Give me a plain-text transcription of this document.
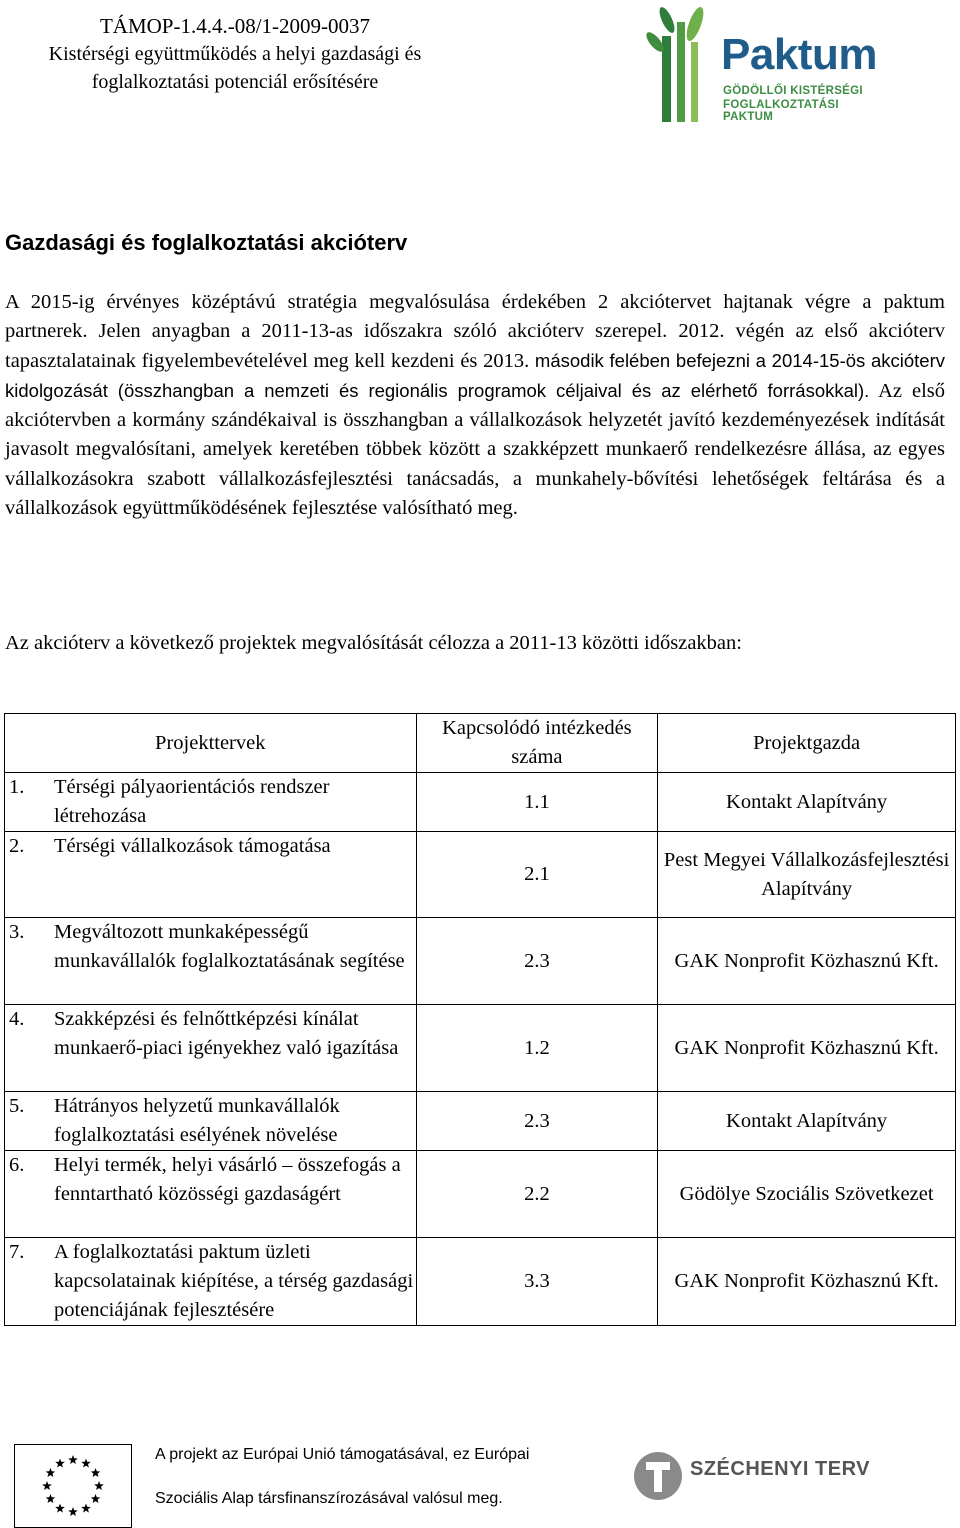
TÁMOP-1.4.4.-08/1-2009-0037
Kistérségi együttműködés a helyi gazdasági és
foglalkoztatási potenciál erősítésére
Paktum
GÖDÖLLŐI KISTÉRSÉGI
FOGLALKOZTATÁSI PAKTUM
Gazdasági és foglalkoztatási akcióterv
A 2015-ig érvényes középtávú stratégia megvalósulása érdekében 2 akciótervet hajtanak végre a paktum partnerek. Jelen anyagban a 2011-13-as időszakra szóló akcióterv szerepel. 2012. végén az első akcióterv tapasztalatainak figyelembevételével meg kell kezdeni és 2013. második felében befejezni a 2014-15-ös akcióterv kidolgozását (összhangban a nemzeti és regionális programok céljaival és az elérhető forrásokkal). Az első akciótervben a kormány szándékaival is összhangban a vállalkozások helyzetét javító kezdeményezések indítását javasolt megvalósítani, amelyek keretében többek között a szakképzett munkaerő rendelkezésre állása, az egyes vállalkozásokra szabott vállalkozásfejlesztési tanácsadás, a munkahely-bővítési lehetőségek feltárása és a vállalkozások együttműködésének fejlesztése valósítható meg.
Az akcióterv a következő projektek megvalósítását célozza a 2011-13 közötti időszakban:
Projekttervek	Kapcsolódó intézkedés száma	Projektgazda

1. Térségi pályaorientációs rendszer létrehozása	1.1	Kontakt Alapítvány

2. Térségi vállalkozások támogatása	2.1	Pest Megyei Vállalkozásfejlesztési Alapítvány

3. Megváltozott munkaképességű munkavállalók foglalkoztatásának segítése	2.3	GAK Nonprofit Közhasznú Kft.

4. Szakképzési és felnőttképzési kínálat munkaerő-piaci igényekhez való igazítása	1.2	GAK Nonprofit Közhasznú Kft.

5. Hátrányos helyzetű munkavállalók foglalkoztatási esélyének növelése	2.3	Kontakt Alapítvány

6. Helyi termék, helyi vásárló – összefogás a fenntartható közösségi gazdaságért	2.2	Gödölye Szociális Szövetkezet

7. A foglalkoztatási paktum üzleti kapcsolatainak kiépítése, a térség gazdasági potenciájának fejlesztésére	3.3	GAK Nonprofit Közhasznú Kft.
A projekt az Európai Unió támogatásával, ez Európai
Szociális Alap társfinanszírozásával valósul meg.
SZÉCHENYI TERV
